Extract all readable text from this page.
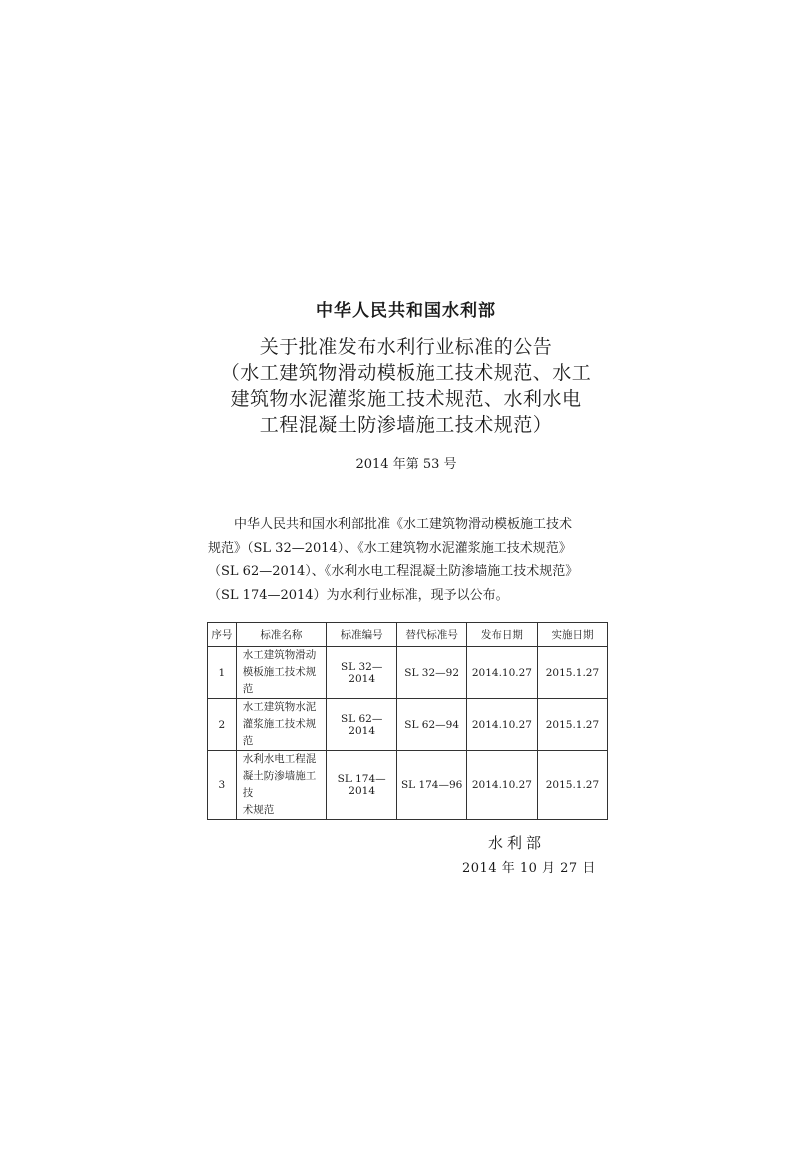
中华人民共和国水利部
关于批准发布水利行业标准的公告
（水工建筑物滑动模板施工技术规范、水工
建筑物水泥灌浆施工技术规范、水利水电
工程混凝土防渗墙施工技术规范）
2014 年第 53 号
中华人民共和国水利部批准《水工建筑物滑动模板施工技术
规范》（SL 32—2014）、《水工建筑物水泥灌浆施工技术规范》
（SL 62—2014）、《水利水电工程混凝土防渗墙施工技术规范》
（SL 174—2014）为水利行业标准，现予以公布。
序号	标准名称	标准编号	替代标准号	发布日期	实施日期
1	水工建筑物滑动
模板施工技术规范	SL 32—2014	SL 32—92	2014.10.27	2015.1.27
2	水工建筑物水泥
灌浆施工技术规范	SL 62—2014	SL 62—94	2014.10.27	2015.1.27
3	水利水电工程混
凝土防渗墙施工技
术规范	SL 174—2014	SL 174—96	2014.10.27	2015.1.27
水利部
2014 年 10 月 27 日
